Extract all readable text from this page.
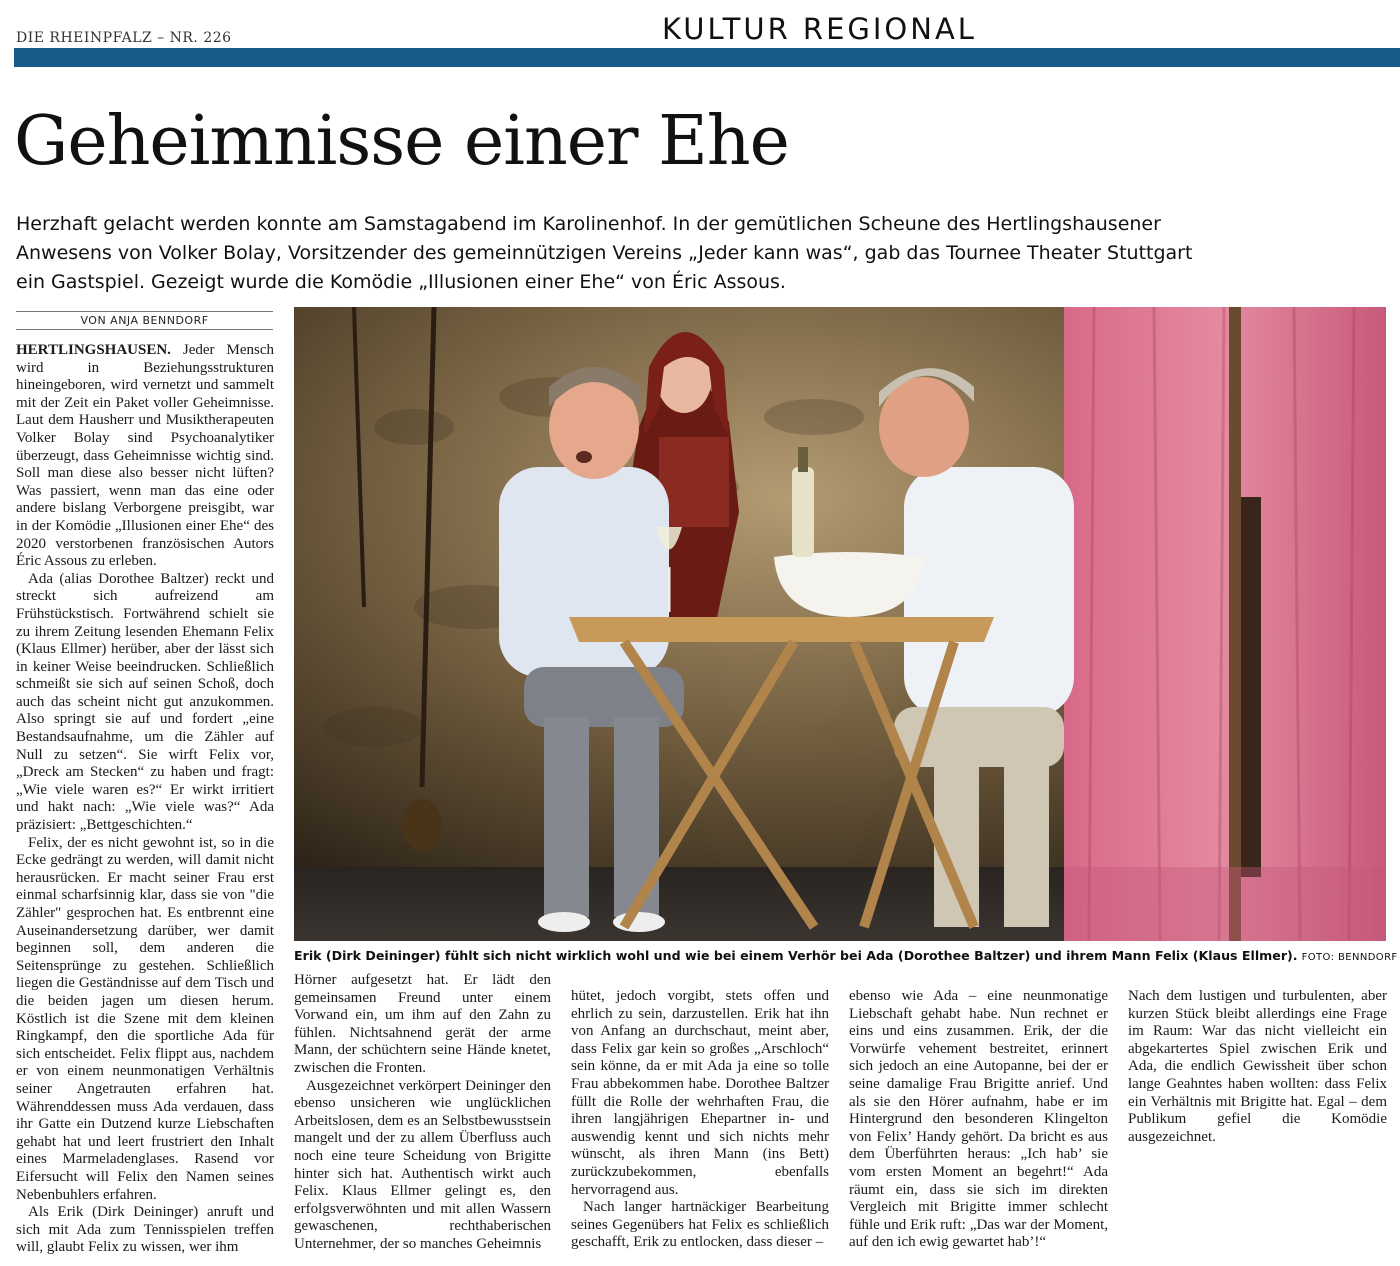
DIE RHEINPFALZ – NR. 226	KULTUR REGIONAL
Geheimnisse einer Ehe
Herzhaft gelacht werden konnte am Samstagabend im Karolinenhof. In der gemütlichen Scheune des Hertlingshausener Anwesens von Volker Bolay, Vorsitzender des gemeinnützigen Vereins „Jeder kann was“, gab das Tournee Theater Stuttgart ein Gastspiel. Gezeigt wurde die Komödie „Illusionen einer Ehe“ von Éric Assous.
VON ANJA BENNDORF
Erik (Dirk Deininger) fühlt sich nicht wirklich wohl und wie bei einem Verhör bei Ada (Dorothee Baltzer) und ihrem Mann Felix (Klaus Ellmer). FOTO: BENNDORF

HERTLINGSHAUSEN. Jeder Mensch wird in Beziehungsstrukturen hineingeboren, wird vernetzt und sammelt mit der Zeit ein Paket voller Geheimnisse. Laut dem Hausherr und Musiktherapeuten Volker Bolay sind Psychoanalytiker überzeugt, dass Geheimnisse wichtig sind. Soll man diese also besser nicht lüften? Was passiert, wenn man das eine oder andere bislang Verborgene preisgibt, war in der Komödie „Illusionen einer Ehe“ des 2020 verstorbenen französischen Autors Éric Assous zu erleben.

Ada (alias Dorothee Baltzer) reckt und streckt sich aufreizend am Frühstückstisch. Fortwährend schielt sie zu ihrem Zeitung lesenden Ehemann Felix (Klaus Ellmer) herüber, aber der lässt sich in keiner Weise beeindrucken. Schließlich schmeißt sie sich auf seinen Schoß, doch auch das scheint nicht gut anzukommen. Also springt sie auf und fordert „eine Bestandsaufnahme, um die Zähler auf Null zu setzen“. Sie wirft Felix vor, „Dreck am Stecken“ zu haben und fragt: „Wie viele waren es?“ Er wirkt irritiert und hakt nach: „Wie viele was?“ Ada präzisiert: „Bettgeschichten.“

Felix, der es nicht gewohnt ist, so in die Ecke gedrängt zu werden, will damit nicht herausrücken. Er macht seiner Frau erst einmal scharfsinnig klar, dass sie von "die Zähler" gesprochen hat. Es entbrennt eine Auseinandersetzung darüber, wer damit beginnen soll, dem anderen die Seitensprünge zu gestehen. Schließlich liegen die Geständnisse auf dem Tisch und die beiden jagen um diesen herum. Köstlich ist die Szene mit dem kleinen Ringkampf, den die sportliche Ada für sich entscheidet. Felix flippt aus, nachdem er von einem neunmonatigen Verhältnis seiner Angetrauten erfahren hat. Währenddessen muss Ada verdauen, dass ihr Gatte ein Dutzend kurze Liebschaften gehabt hat und leert frustriert den Inhalt eines Marmeladenglases. Rasend vor Eifersucht will Felix den Namen seines Nebenbuhlers erfahren.

Als Erik (Dirk Deininger) anruft und sich mit Ada zum Tennisspielen treffen will, glaubt Felix zu wissen, wer ihm

Hörner aufgesetzt hat. Er lädt den gemeinsamen Freund unter einem Vorwand ein, um ihm auf den Zahn zu fühlen. Nichtsahnend gerät der arme Mann, der schüchtern seine Hände knetet, zwischen die Fronten.

Ausgezeichnet verkörpert Deininger den ebenso unsicheren wie unglücklichen Arbeitslosen, dem es an Selbstbewusstsein mangelt und der zu allem Überfluss auch noch eine teure Scheidung von Brigitte hinter sich hat. Authentisch wirkt auch Felix. Klaus Ellmer gelingt es, den erfolgsverwöhnten und mit allen Wassern gewaschenen, rechthaberischen Unternehmer, der so manches Geheimnis

hütet, jedoch vorgibt, stets offen und ehrlich zu sein, darzustellen. Erik hat ihn von Anfang an durchschaut, meint aber, dass Felix gar kein so großes „Arschloch“ sein könne, da er mit Ada ja eine so tolle Frau abbekommen habe. Dorothee Baltzer füllt die Rolle der wehrhaften Frau, die ihren langjährigen Ehepartner in- und auswendig kennt und sich nichts mehr wünscht, als ihren Mann (ins Bett) zurückzubekommen, ebenfalls hervorragend aus.

Nach langer hartnäckiger Bearbeitung seines Gegenübers hat Felix es schließlich geschafft, Erik zu entlocken, dass dieser –

ebenso wie Ada – eine neunmonatige Liebschaft gehabt habe. Nun rechnet er eins und eins zusammen. Erik, der die Vorwürfe vehement bestreitet, erinnert sich jedoch an eine Autopanne, bei der er seine damalige Frau Brigitte anrief. Und als sie den Hörer aufnahm, habe er im Hintergrund den besonderen Klingelton von Felix’ Handy gehört. Da bricht es aus dem Überführten heraus: „Ich hab’ sie vom ersten Moment an begehrt!“ Ada räumt ein, dass sie sich im direkten Vergleich mit Brigitte immer schlecht fühle und Erik ruft: „Das war der Moment, auf den ich ewig gewartet hab’!“

Nach dem lustigen und turbulenten, aber kurzen Stück bleibt allerdings eine Frage im Raum: War das nicht vielleicht ein abgekartertes Spiel zwischen Erik und Ada, die endlich Gewissheit über schon lange Geahntes haben wollten: dass Felix ein Verhältnis mit Brigitte hat. Egal – dem Publikum gefiel die Komödie ausgezeichnet.
